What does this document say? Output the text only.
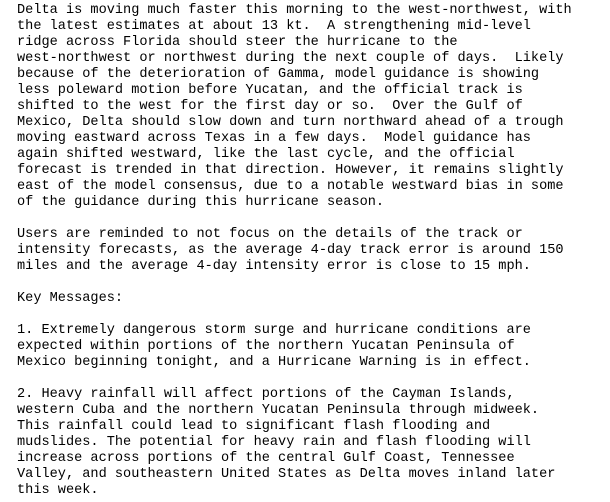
Delta is moving much faster this morning to the west-northwest, with
the latest estimates at about 13 kt.  A strengthening mid-level
ridge across Florida should steer the hurricane to the
west-northwest or northwest during the next couple of days.  Likely
because of the deterioration of Gamma, model guidance is showing
less poleward motion before Yucatan, and the official track is
shifted to the west for the first day or so.  Over the Gulf of
Mexico, Delta should slow down and turn northward ahead of a trough
moving eastward across Texas in a few days.  Model guidance has
again shifted westward, like the last cycle, and the official
forecast is trended in that direction. However, it remains slightly
east of the model consensus, due to a notable westward bias in some
of the guidance during this hurricane season.
Users are reminded to not focus on the details of the track or
intensity forecasts, as the average 4-day track error is around 150
miles and the average 4-day intensity error is close to 15 mph.
Key Messages:
1. Extremely dangerous storm surge and hurricane conditions are
expected within portions of the northern Yucatan Peninsula of
Mexico beginning tonight, and a Hurricane Warning is in effect.
2. Heavy rainfall will affect portions of the Cayman Islands,
western Cuba and the northern Yucatan Peninsula through midweek.
This rainfall could lead to significant flash flooding and
mudslides. The potential for heavy rain and flash flooding will
increase across portions of the central Gulf Coast, Tennessee
Valley, and southeastern United States as Delta moves inland later
this week.
